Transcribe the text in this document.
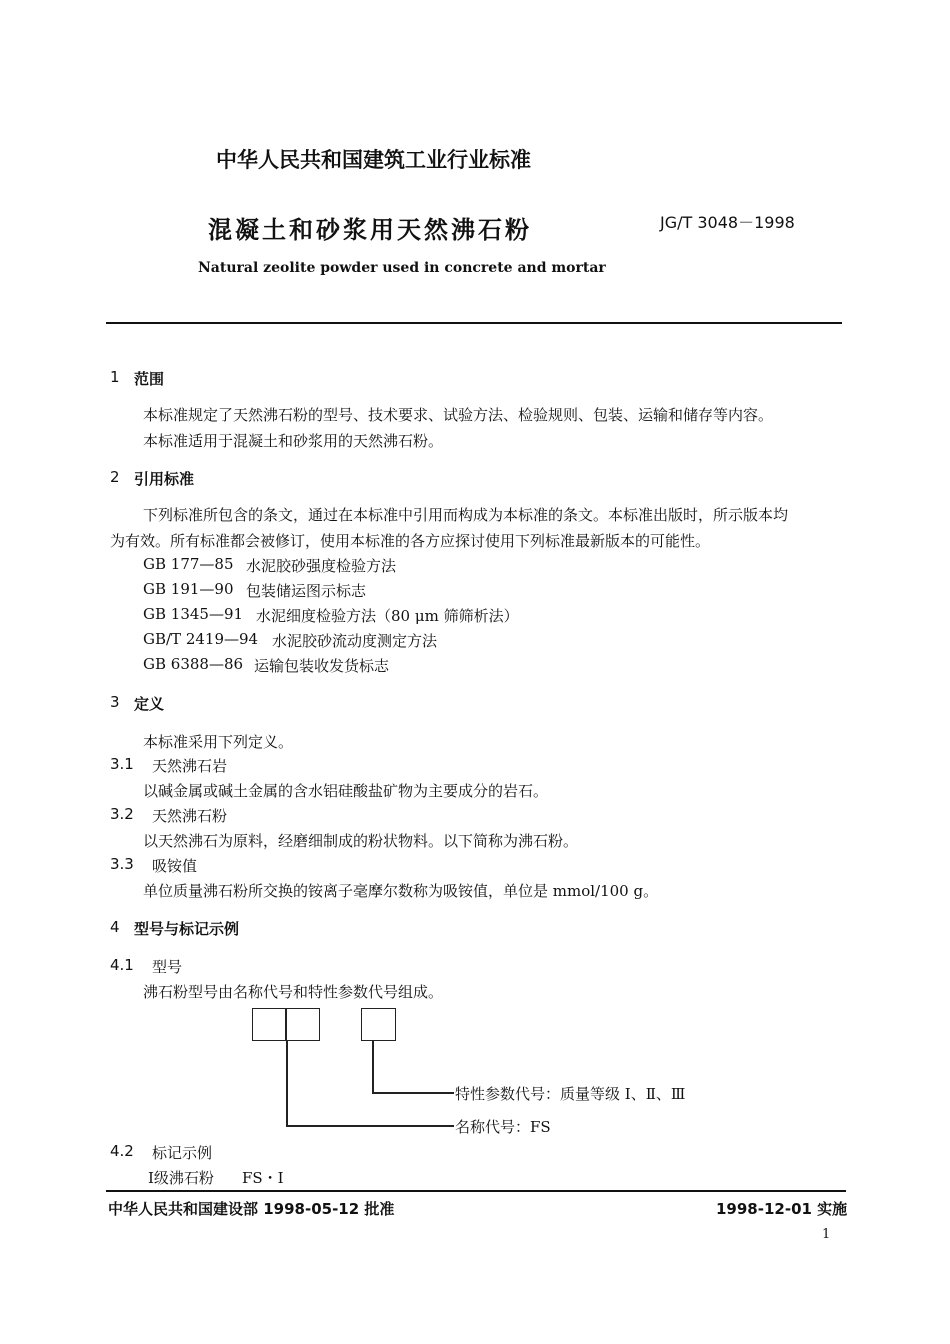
中华人民共和国建筑工业行业标准
混凝土和砂浆用天然沸石粉	JG/T 3048－1998
Natural zeolite powder used in concrete and mortar
1 范围
本标准规定了天然沸石粉的型号、技术要求、试验方法、检验规则、包装、运输和储存等内容。
本标准适用于混凝土和砂浆用的天然沸石粉。
2 引用标准
下列标准所包含的条文，通过在本标准中引用而构成为本标准的条文。本标准出版时，所示版本均
为有效。所有标准都会被修订，使用本标准的各方应探讨使用下列标准最新版本的可能性。
GB 177—85 水泥胶砂强度检验方法
GB 191—90 包装储运图示标志
GB 1345—91 水泥细度检验方法（80 μm 筛筛析法）
GB/T 2419—94 水泥胶砂流动度测定方法
GB 6388—86 运输包装收发货标志
3 定义
本标准采用下列定义。
3.1 天然沸石岩
以碱金属或碱土金属的含水铝硅酸盐矿物为主要成分的岩石。
3.2 天然沸石粉
以天然沸石为原料，经磨细制成的粉状物料。以下简称为沸石粉。
3.3 吸铵值
单位质量沸石粉所交换的铵离子毫摩尔数称为吸铵值，单位是 mmol/100 g。
4 型号与标记示例
4.1 型号
沸石粉型号由名称代号和特性参数代号组成。
特性参数代号：质量等级 Ⅰ、Ⅱ、Ⅲ
名称代号：FS
4.2 标记示例
Ⅰ级沸石粉 FS・Ⅰ
中华人民共和国建设部 1998-05-12 批准	1998-12-01 实施
1
